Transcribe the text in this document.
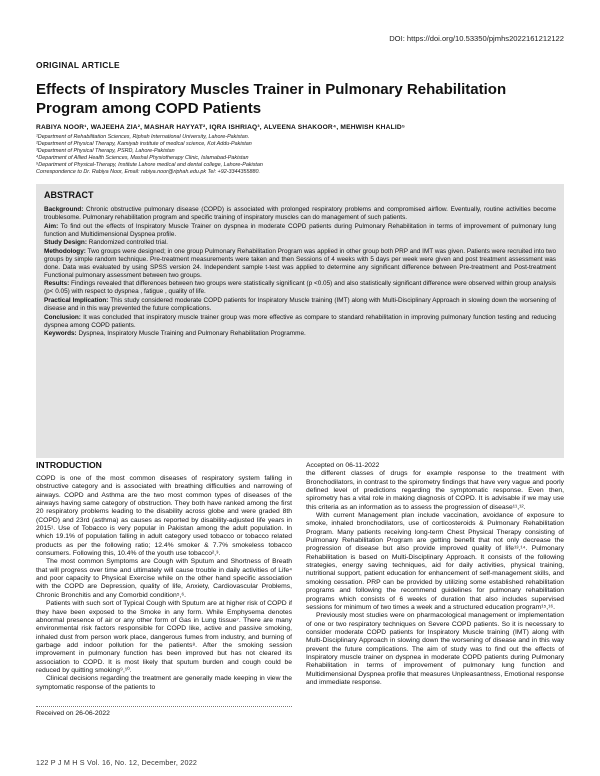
DOI: https://doi.org/10.53350/pjmhs2022161212122
ORIGINAL ARTICLE
Effects of Inspiratory Muscles Trainer in Pulmonary Rehabilitation Program among COPD Patients
RABIYA NOOR¹, WAJEEHA ZIA², MASHAR HAYYAT², IQRA ISHRIAQ³, ALVEENA SHAKOOR⁴, MEHWISH KHALID⁵
¹Department of Rehabilitation Sciences, Riphah International University, Lahore-Pakistan.
²Department of Physical Therapy, Kamiyab institute of medical science, Kot Addu-Pakistan
³Department of Physical Therapy, PSRD, Lahore-Pakistan
⁴Department of Allied Health Sciences, Mashal Physiotherapy Clinic, Islamabad-Pakistan
⁵Department of Physical-Therapy, Institute Lahore medical and dental college, Lahore-Pakistan
Correspondence to Dr. Rabiya Noor, Email: rabiya.noor@riphah.edu.pk Tel: +92-3344355880.
ABSTRACT

Background: Chronic obstructive pulmonary disease (COPD) is associated with prolonged respiratory problems and compromised airflow. Eventually, routine activities become troublesome. Pulmonary rehabilitation program and specific training of inspiratory muscles can do management of such patients.

Aim: To find out the effects of Inspiratory Muscle Trainer on dyspnea in moderate COPD patients during Pulmonary Rehabilitation in terms of improvement of pulmonary lung function and Multidimensional Dyspnea profile.

Study Design: Randomized controlled trial.

Methodology: Two groups were designed; in one group Pulmonary Rehabilitation Program was applied in other group both PRP and IMT was given. Patients were recruited into two groups by simple random technique. Pre-treatment measurements were taken and then Sessions of 4 weeks with 5 days per week were given and post treatment assessment was done. Data was evaluated by using SPSS version 24. Independent sample t-test was applied to determine any significant difference between Pre-treatment and Post-treatment Functional pulmonary assessment between two groups.

Results: Findings revealed that differences between two groups were statistically significant (p <0.05) and also statistically significant difference were observed within group analysis (p< 0.05) with respect to dyspnea , fatigue , quality of life.

Practical Implication: This study considered moderate COPD patients for Inspiratory Muscle training (IMT) along with Multi-Disciplinary Approach in slowing down the worsening of disease and in this way prevented the future complications.

Conclusion: It was concluded that inspiratory muscle trainer group was more effective as compare to standard rehabilitation in improving pulmonary function testing and reducing dyspnea among COPD patients.

Keywords: Dyspnea, Inspiratory Muscle Training and Pulmonary Rehabilitation Programme.

INTRODUCTION

COPD is one of the most common diseases of respiratory system falling in obstructive category and is associated with breathing difficulties and narrowing of airways. COPD and Asthma are the two most common types of diseases of the airways having same category of obstruction. They both have ranked among the first 20 respiratory problems leading to the disability across globe and were graded 8th (COPD) and 23rd (asthma) as causes as reported by disability-adjusted life years in 2015¹. Use of Tobacco is very popular in Pakistan among the adult population. In which 19.1% of population falling in adult category used tobacco or tobacco related products as per the following ratio; 12.4% smoker & 7.7% smokeless tobacco consumers. Following this, 10.4% of the youth use tobacco²,³.

The most common Symptoms are Cough with Sputum and Shortness of Breath that will progress over time and ultimately will cause trouble in daily activities of Life⁴ and poor capacity to Physical Exercise while on the other hand specific association with the COPD are Depression, quality of life, Anxiety, Cardiovascular Problems, Chronic Bronchitis and any Comorbid condition⁵,⁶.

Patients with such sort of Typical Cough with Sputum are at higher risk of COPD if they have been exposed to the Smoke in any form. While Emphysema denotes abnormal presence of air or any other form of Gas in Lung tissue⁷. There are many environmental risk factors responsible for COPD like, active and passive smoking, inhaled dust from person work place, dangerous fumes from industry, and burning of garbage add indoor pollution for the patients⁸. After the smoking session improvement in pulmonary function has been improved but has not cleared its association to COPD. It is most likely that sputum burden and cough could be reduced by quitting smoking⁹,¹⁰.

Clinical decisions regarding the treatment are generally made keeping in view the symptomatic response of the patients to

Received on 26-06-2022

Accepted on 06-11-2022

the different classes of drugs for example response to the treatment with Bronchodilators, in contrast to the spirometry findings that have very vague and poorly defined level of predictions regarding the symptomatic response. Even then, spirometry has a vital role in making diagnosis of COPD. It is advisable if we may use this criteria as an information as to assess the progression of disease¹¹,¹².

With current Management plan include vaccination, avoidance of exposure to smoke, inhaled bronchodilators, use of corticosteroids & Pulmonary Rehabilitation Program. Many patients receiving long-term Chest Physical Therapy consisting of Pulmonary Rehabilitation Program are getting benefit that not only decrease the progression of disease but also provide improved quality of life¹³,¹⁴. Pulmonary Rehabilitation is based on Multi-Disciplinary Approach. It consists of the following strategies, energy saving techniques, aid for daily activities, physical training, nutritional support, patient education for enhancement of self-management skills, and smoking cessation. PRP can be provided by utilizing some established rehabilitation programs and following the recommend guidelines for pulmonary rehabilitation programs which consists of 6 weeks of duration that also includes supervised sessions for minimum of two times a week and a structured education program¹⁵,¹⁶.

Previously most studies were on pharmacological management or implementation of one or two respiratory techniques on Severe COPD patients. So it is necessary to consider moderate COPD patients for Inspiratory Muscle training (IMT) along with Multi-Disciplinary Approach in slowing down the worsening of disease and in this way prevent the future complications. The aim of study was to find out the effects of Inspiratory muscle trainer on dyspnea in moderate COPD patients during Pulmonary Rehabilitation in terms of improvement of pulmonary lung function and Multidimensional Dyspnea profile that measures Unpleasantness, Emotional response and immediate response.

122 P J M H S Vol. 16, No. 12, December, 2022
